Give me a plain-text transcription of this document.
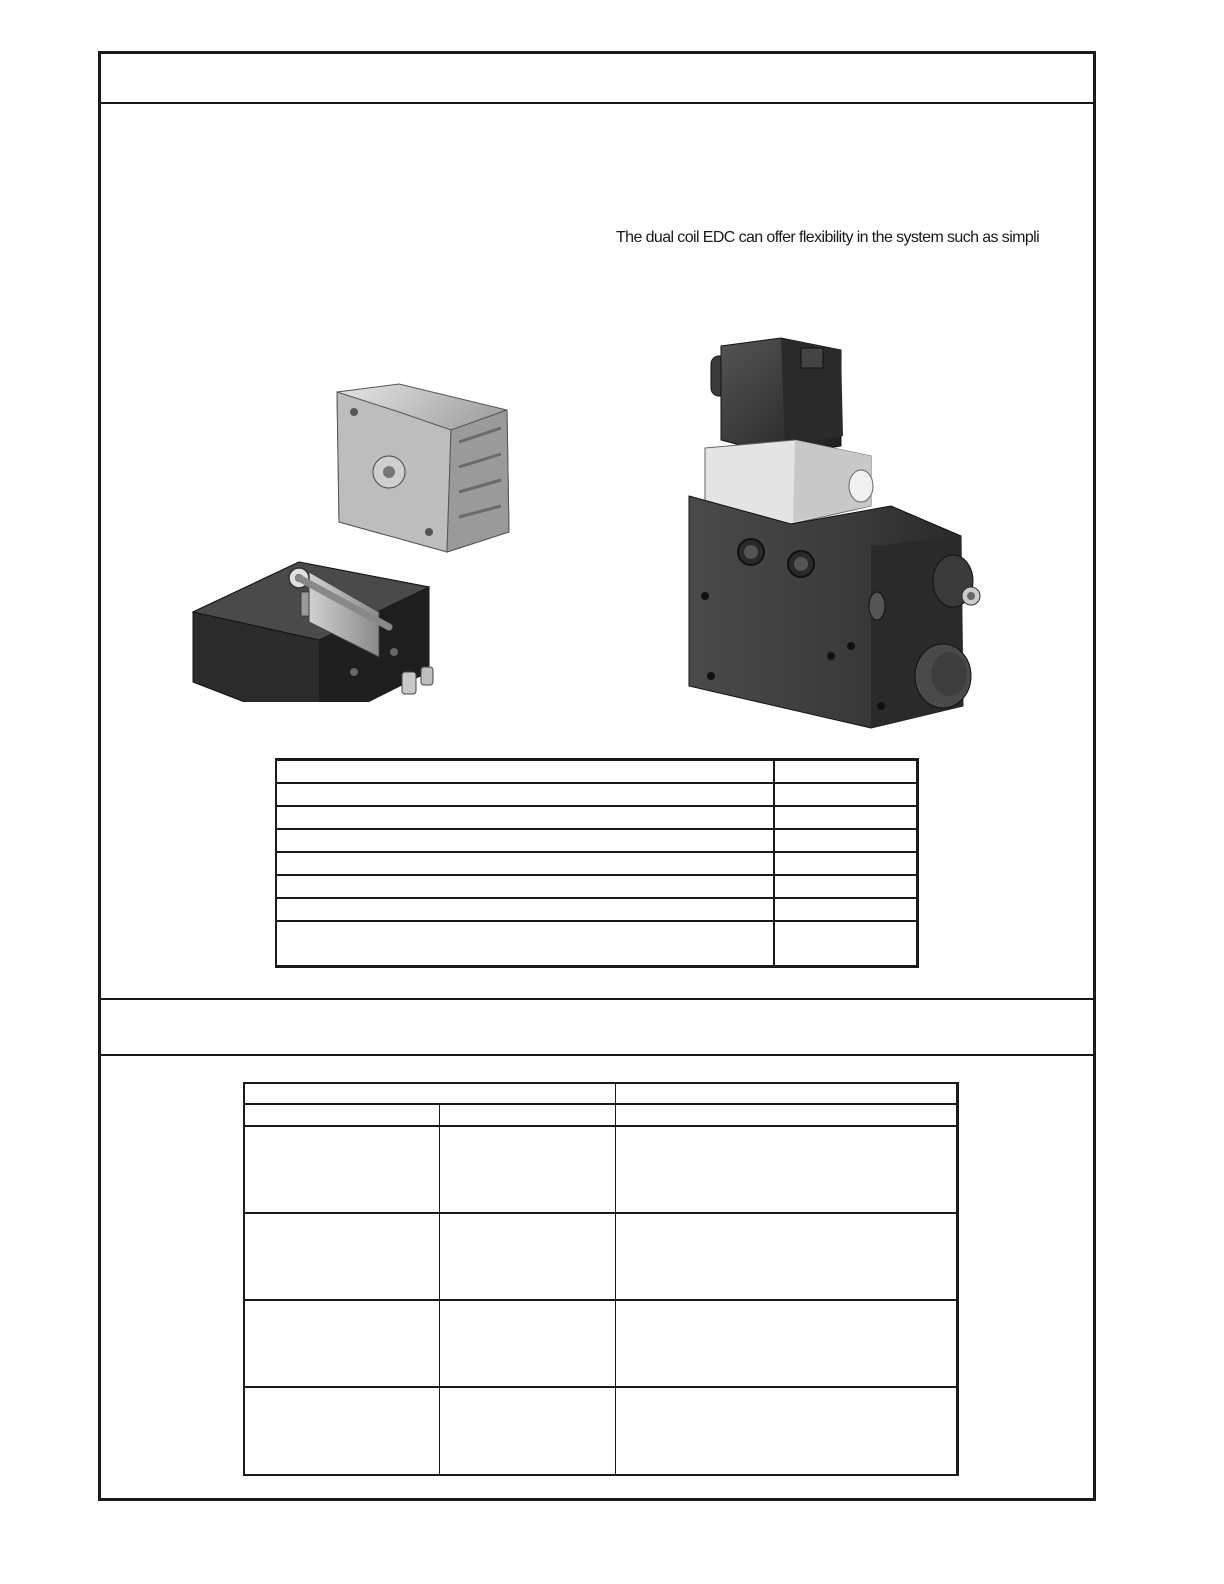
The dual coil EDC can offer flexibility in the system such as simpli
